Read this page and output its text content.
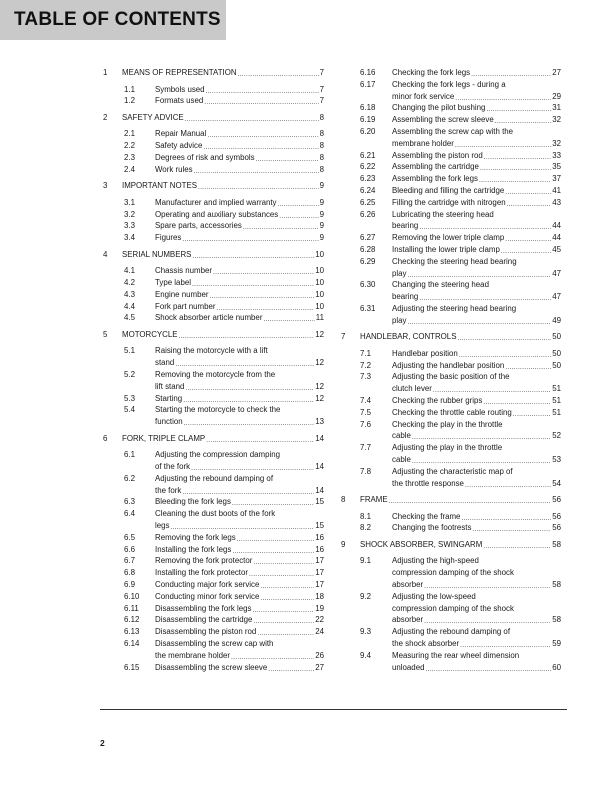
TABLE OF CONTENTS
1 MEANS OF REPRESENTATION .....	7
1.1	Symbols used .....	7
1.2	Formats used .....	7
2 SAFETY ADVICE .....	8
2.1	Repair Manual .....	8
2.2	Safety advice .....	8
2.3	Degrees of risk and symbols .....	8
2.4	Work rules .....	8
3 IMPORTANT NOTES .....	9
3.1	Manufacturer and implied warranty .....	9
3.2	Operating and auxiliary substances .....	9
3.3	Spare parts, accessories .....	9
3.4	Figures .....	9
4 SERIAL NUMBERS .....	10
4.1	Chassis number .....	10
4.2	Type label .....	10
4.3	Engine number .....	10
4.4	Fork part number .....	10
4.5	Shock absorber article number .....	11
5 MOTORCYCLE .....	12
5.1	Raising the motorcycle with a lift
stand .....	12
5.2	Removing the motorcycle from the
lift stand .....	12
5.3	Starting .....	12
5.4	Starting the motorcycle to check the
function .....	13
6 FORK, TRIPLE CLAMP .....	14
6.1	Adjusting the compression damping
of the fork .....	14
6.2	Adjusting the rebound damping of
the fork .....	14
6.3	Bleeding the fork legs .....	15
6.4	Cleaning the dust boots of the fork
legs .....	15
6.5	Removing the fork legs .....	16
6.6	Installing the fork legs .....	16
6.7	Removing the fork protector .....	17
6.8	Installing the fork protector .....	17
6.9	Conducting major fork service .....	17
6.10 Conducting minor fork service .....	18
6.11 Disassembling the fork legs .....	19
6.12 Disassembling the cartridge .....	22
6.13 Disassembling the piston rod .....	24
6.14 Disassembling the screw cap with
the membrane holder .....	26
6.15 Disassembling the screw sleeve .....	27
6.16 Checking the fork legs .....	27
6.17 Checking the fork legs - during a
minor fork service .....	29
6.18 Changing the pilot bushing .....	31
6.19 Assembling the screw sleeve .....	32
6.20 Assembling the screw cap with the
membrane holder .....	32
6.21 Assembling the piston rod .....	33
6.22 Assembling the cartridge .....	35
6.23 Assembling the fork legs .....	37
6.24 Bleeding and filling the cartridge .....	41
6.25 Filling the cartridge with nitrogen .....	43
6.26 Lubricating the steering head
bearing .....	44
6.27 Removing the lower triple clamp .....	44
6.28 Installing the lower triple clamp .....	45
6.29 Checking the steering head bearing
play .....	47
6.30 Changing the steering head
bearing .....	47
6.31 Adjusting the steering head bearing
play .....	49
7 HANDLEBAR, CONTROLS .....	50
7.1	Handlebar position .....	50
7.2	Adjusting the handlebar position .....	50
7.3	Adjusting the basic position of the
clutch lever .....	51
7.4	Checking the rubber grips .....	51
7.5	Checking the throttle cable routing .....	51
7.6	Checking the play in the throttle
cable .....	52
7.7	Adjusting the play in the throttle
cable .....	53
7.8	Adjusting the characteristic map of
the throttle response .....	54
8 FRAME .....	56
8.1	Checking the frame .....	56
8.2	Changing the footrests .....	56
9 SHOCK ABSORBER, SWINGARM .....	58
9.1	Adjusting the high-speed
compression damping of the shock
absorber .....	58
9.2	Adjusting the low-speed
compression damping of the shock
absorber .....	58
9.3	Adjusting the rebound damping of
the shock absorber .....	59
9.4	Measuring the rear wheel dimension
unloaded .....	60
2
